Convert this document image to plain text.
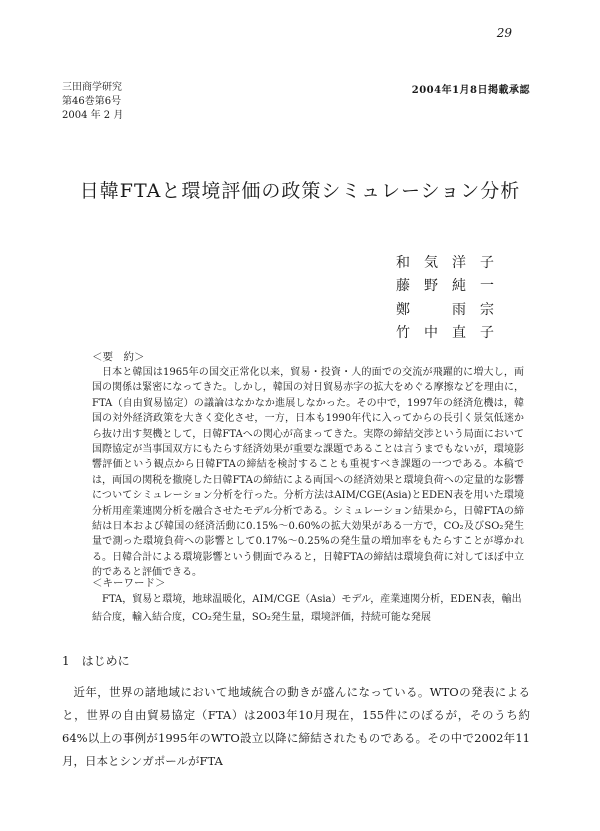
29
三田商学研究
第46巻第6号
2004 年 2 月
2004年1月8日掲載承認
日韓FTAと環境評価の政策シミュレーション分析
和　気　洋　子
藤　野　純　一
鄭　　　雨　宗
竹　中　直　子
＜要　約＞

日本と韓国は1965年の国交正常化以来，貿易・投資・人的面での交流が飛躍的に増大し，両国の関係は緊密になってきた。しかし，韓国の対日貿易赤字の拡大をめぐる摩擦などを理由に，FTA（自由貿易協定）の議論はなかなか進展しなかった。その中で，1997年の経済危機は，韓国の対外経済政策を大きく変化させ，一方，日本も1990年代に入ってからの長引く景気低迷から抜け出す契機として，日韓FTAへの関心が高まってきた。実際の締結交渉という局面において国際協定が当事国双方にもたらす経済効果が重要な課題であることは言うまでもないが，環境影響評価という観点から日韓FTAの締結を検討することも重視すべき課題の一つである。本稿では，両国の関税を撤廃した日韓FTAの締結による両国への経済効果と環境負荷への定量的な影響についてシミュレーション分析を行った。分析方法はAIM/CGE(Asia)とEDEN表を用いた環境分析用産業連関分析を融合させたモデル分析である。シミュレーション結果から，日韓FTAの締結は日本および韓国の経済活動に0.15%～0.60%の拡大効果がある一方で，CO₂及びSO₂発生量で測った環境負荷への影響として0.17%～0.25%の発生量の増加率をもたらすことが導かれる。日韓合計による環境影響という側面でみると，日韓FTAの締結は環境負荷に対してほぼ中立的であると評価できる。

＜キーワード＞
FTA，貿易と環境，地球温暖化，AIM/CGE（Asia）モデル，産業連関分析，EDEN表，輸出結合度，輸入結合度，CO₂発生量，SO₂発生量，環境評価，持続可能な発展
1　はじめに

近年，世界の諸地域において地域統合の動きが盛んになっている。WTOの発表によると，世界の自由貿易協定（FTA）は2003年10月現在，155件にのぼるが，そのうち約64%以上の事例が1995年のWTO設立以降に締結されたものである。その中で2002年11月，日本とシンガポールがFTA
